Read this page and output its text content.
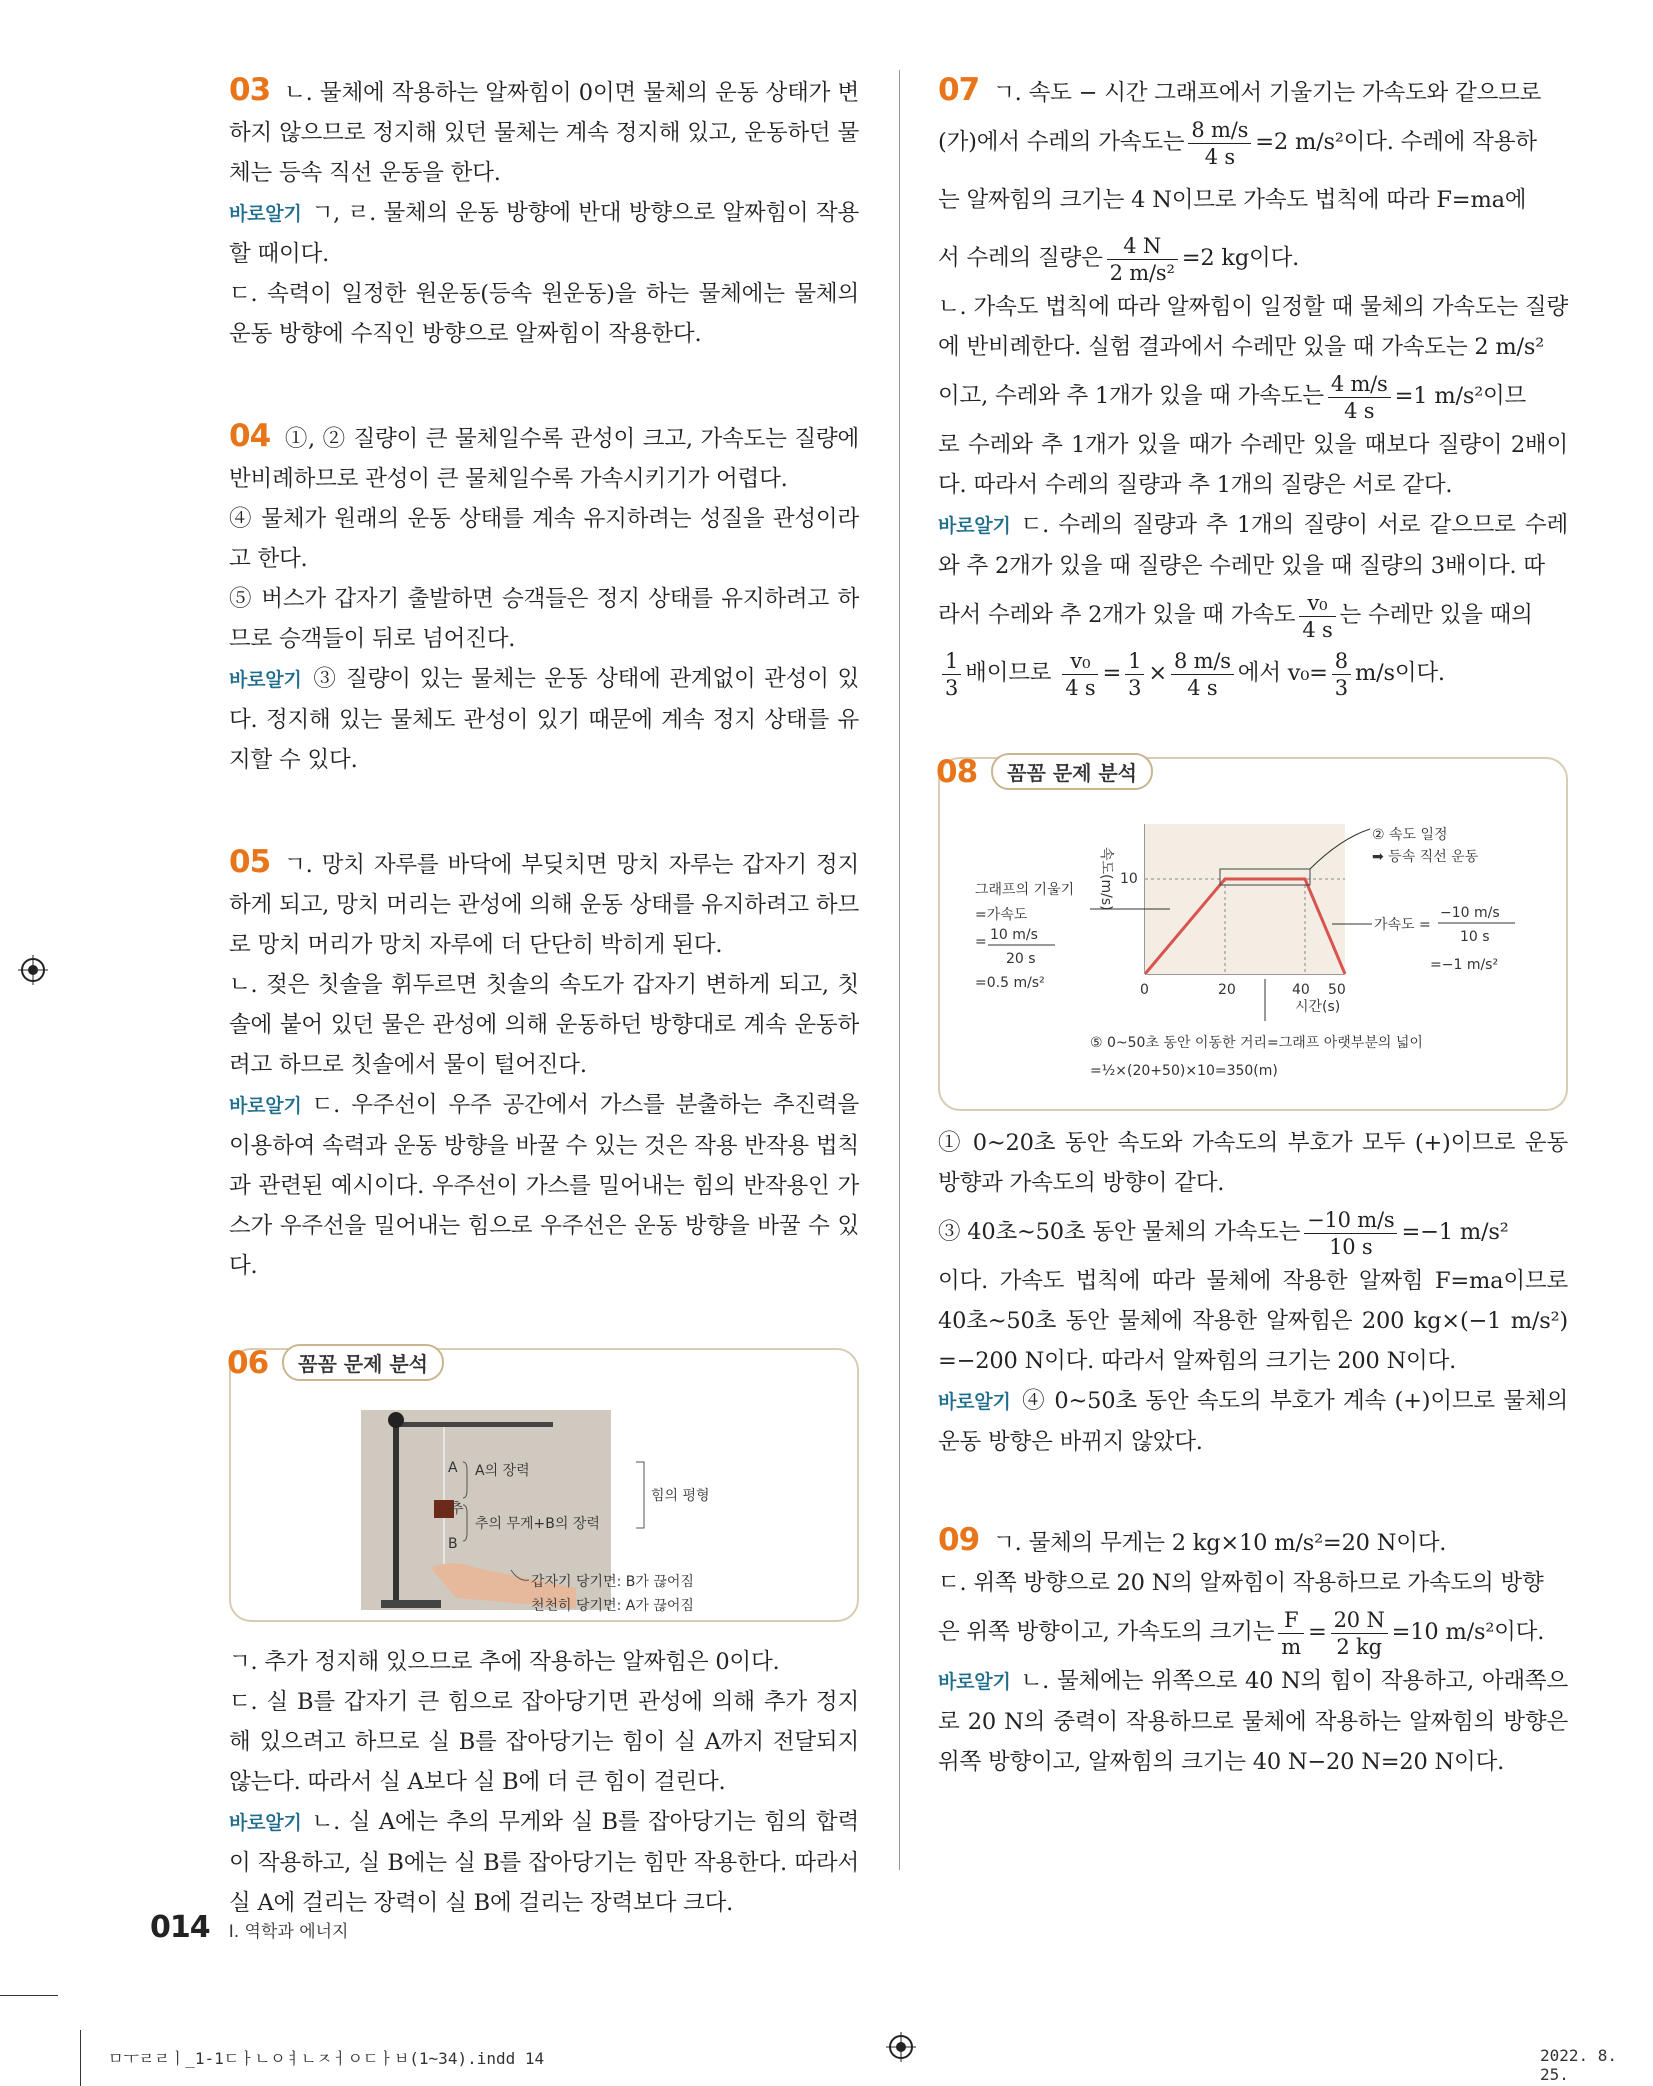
03 ㄴ. 물체에 작용하는 알짜힘이 0이면 물체의 운동 상태가 변하지 않으므로 정지해 있던 물체는 계속 정지해 있고, 운동하던 물체는 등속 직선 운동을 한다.

바로알기 ㄱ, ㄹ. 물체의 운동 방향에 반대 방향으로 알짜힘이 작용할 때이다.

ㄷ. 속력이 일정한 원운동(등속 원운동)을 하는 물체에는 물체의 운동 방향에 수직인 방향으로 알짜힘이 작용한다.

04 ①, ② 질량이 큰 물체일수록 관성이 크고, 가속도는 질량에 반비례하므로 관성이 큰 물체일수록 가속시키기가 어렵다.

④ 물체가 원래의 운동 상태를 계속 유지하려는 성질을 관성이라고 한다.

⑤ 버스가 갑자기 출발하면 승객들은 정지 상태를 유지하려고 하므로 승객들이 뒤로 넘어진다.

바로알기 ③ 질량이 있는 물체는 운동 상태에 관계없이 관성이 있다. 정지해 있는 물체도 관성이 있기 때문에 계속 정지 상태를 유지할 수 있다.

05 ㄱ. 망치 자루를 바닥에 부딪치면 망치 자루는 갑자기 정지하게 되고, 망치 머리는 관성에 의해 운동 상태를 유지하려고 하므로 망치 머리가 망치 자루에 더 단단히 박히게 된다.

ㄴ. 젖은 칫솔을 휘두르면 칫솔의 속도가 갑자기 변하게 되고, 칫솔에 붙어 있던 물은 관성에 의해 운동하던 방향대로 계속 운동하려고 하므로 칫솔에서 물이 털어진다.

바로알기 ㄷ. 우주선이 우주 공간에서 가스를 분출하는 추진력을 이용하여 속력과 운동 방향을 바꿀 수 있는 것은 작용 반작용 법칙과 관련된 예시이다. 우주선이 가스를 밀어내는 힘의 반작용인 가스가 우주선을 밀어내는 힘으로 우주선은 운동 방향을 바꿀 수 있다.

06	꼼꼼 문제 분석
A
추
B
A의 장력
추의 무게+B의 장력
힘의 평형
갑자기 당기면: B가 끊어짐
천천히 당기면: A가 끊어짐

ㄱ. 추가 정지해 있으므로 추에 작용하는 알짜힘은 0이다.

ㄷ. 실 B를 갑자기 큰 힘으로 잡아당기면 관성에 의해 추가 정지해 있으려고 하므로 실 B를 잡아당기는 힘이 실 A까지 전달되지 않는다. 따라서 실 A보다 실 B에 더 큰 힘이 걸린다.

바로알기 ㄴ. 실 A에는 추의 무게와 실 B를 잡아당기는 힘의 합력이 작용하고, 실 B에는 실 B를 잡아당기는 힘만 작용한다. 따라서 실 A에 걸리는 장력이 실 B에 걸리는 장력보다 크다.

07 ㄱ. 속도 − 시간 그래프에서 기울기는 가속도와 같으므로

(가)에서 수레의 가속도는 $\frac{8 m/s}{4 s} =2$ m/s²이다. 수레에 작용하

는 알짜힘의 크기는 4 N이므로 가속도 법칙에 따라 F=ma에

서 수레의 질량은 $\frac{4 N}{\text{2 m/s²}} =2$ kg이다.

ㄴ. 가속도 법칙에 따라 알짜힘이 일정할 때 물체의 가속도는 질량에 반비례한다. 실험 결과에서 수레만 있을 때 가속도는 2 m/s²

이고, 수레와 추 1개가 있을 때 가속도는 $\frac{4 m/s}{4 s} =1$ m/s²이므

로 수레와 추 1개가 있을 때가 수레만 있을 때보다 질량이 2배이다. 따라서 수레의 질량과 추 1개의 질량은 서로 같다.

바로알기 ㄷ. 수레의 질량과 추 1개의 질량이 서로 같으므로 수레와 추 2개가 있을 때 질량은 수레만 있을 때 질량의 3배이다. 따

라서 수레와 추 2개가 있을 때 가속도 $\frac{\text{v₀}}{4 s}$ 는 수레만 있을 때의

$\frac{1}{3}$ 배이므로 $\frac{\text{v₀}}{4 s} = \frac{1}{3} \times \frac{8 m/s}{4 s}$ 에서 $v_0= \frac{8}{3} m/s$이다.

08	꼼꼼 문제 분석
속도(m/s) 10
0	20	40 50
시간(s)
그래프의 기울기
=가속도
= 10 m/s
20 s
=0.5 m/s²
② 속도 일정
➡ 등속 직선 운동
가속도 =
−10 m/s
10 s
=−1 m/s²
⑤ 0~50초 동안 이동한 거리=그래프 아랫부분의 넓이
=½×(20+50)×10=350(m)

① 0~20초 동안 속도와 가속도의 부호가 모두 (+)이므로 운동 방향과 가속도의 방향이 같다.

③ 40초~50초 동안 물체의 가속도는 $\frac{-10 m/s}{10 s} =-1$ m/s²

이다. 가속도 법칙에 따라 물체에 작용한 알짜힘 F=ma이므로 40초~50초 동안 물체에 작용한 알짜힘은 200 kg×(−1 m/s²) =−200 N이다. 따라서 알짜힘의 크기는 200 N이다.

바로알기 ④ 0~50초 동안 속도의 부호가 계속 (+)이므로 물체의 운동 방향은 바뀌지 않았다.

09 ㄱ. 물체의 무게는 2 kg×10 m/s²=20 N이다.

ㄷ. 위쪽 방향으로 20 N의 알짜힘이 작용하므로 가속도의 방향

은 위쪽 방향이고, 가속도의 크기는 $\frac{F}{m} = \frac{20 N}{2 kg} =10$ m/s²이다.

바로알기 ㄴ. 물체에는 위쪽으로 40 N의 힘이 작용하고, 아래쪽으로 20 N의 중력이 작용하므로 물체에 작용하는 알짜힘의 방향은 위쪽 방향이고, 알짜힘의 크기는 40 N−20 N=20 N이다.

014 I. 역학과 에너지
ㅁㅜㄹㄹㅣ_1-1ㄷㅏㄴㅇㅕㄴㅈㅓㅇㄷㅏㅂ(1~34).indd 14	2022. 8. 25.
